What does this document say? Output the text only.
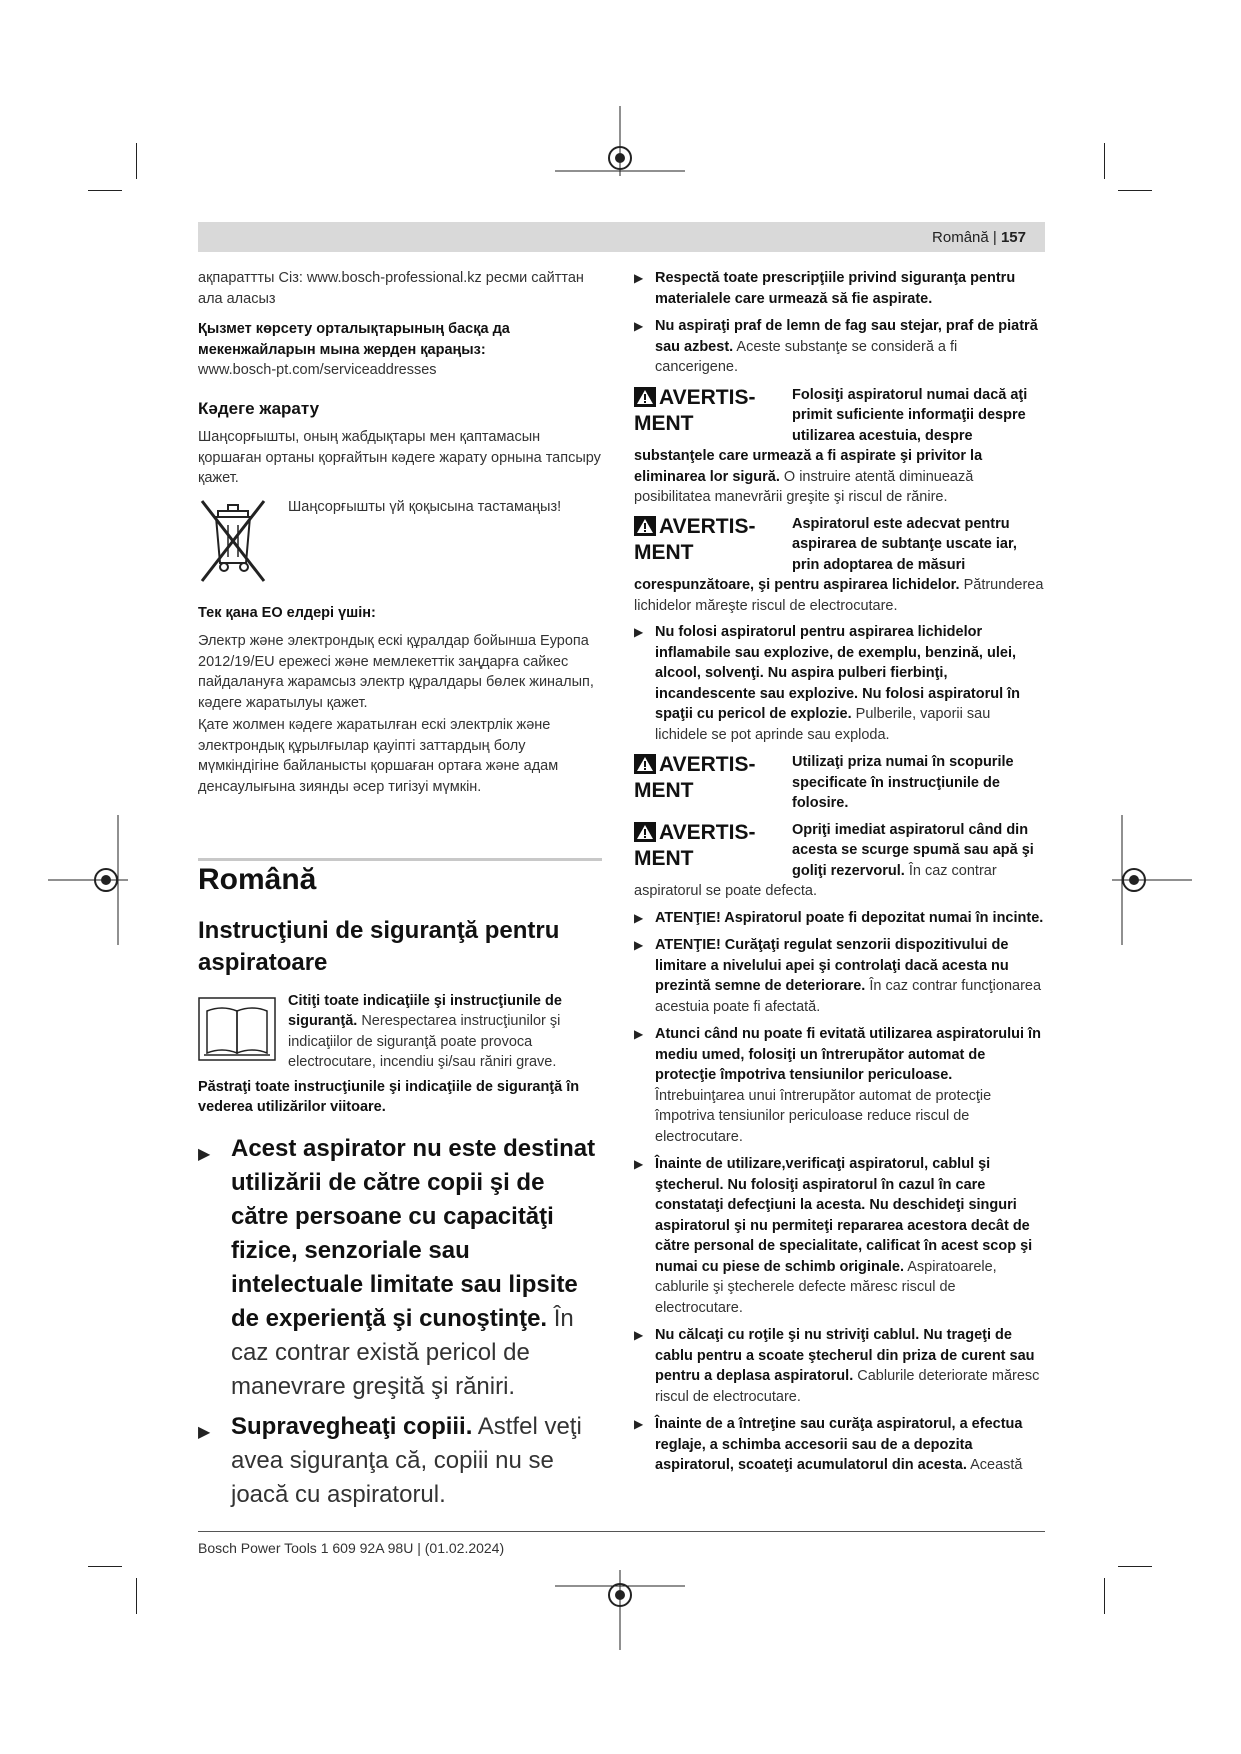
Română | 157

ақпараттты Сіз: www.bosch-professional.kz ресми сайттан ала аласыз

Қызмет көрсету орталықтарының басқа да мекенжайларын мына жерден қараңыз:

www.bosch-pt.com/serviceaddresses

Кәдеге жарату

Шаңсорғышты, оның жабдықтары мен қаптамасын қоршаған ортаны қорғайтын кәдеге жарату орнына тапсыру қажет.

Шаңсорғышты үй қоқысына тастамаңыз!

Тек қана ЕО елдері үшін:

Электр және электрондық ескі құралдар бойынша Еуропа 2012/19/EU ережесі және мемлекеттік заңдарға сайкес пайдалануға жарамсыз электр құралдары бөлек жиналып, кәдеге жаратылуы қажет.

Қате жолмен кәдеге жаратылған ескі электрлік және электрондық құрылғылар қауіпті заттардың болу мүмкіндігіне байланысты қоршаған ортаға және адам денсаулығына зиянды әсер тигізуі мүмкін.

Română
Instrucţiuni de siguranţă pentru aspiratoare
Citiţi toate indicaţiile şi instrucţiunile de siguranţă. Nerespectarea instrucţiunilor şi indicaţiilor de siguranţă poate provoca electrocutare, incendiu şi/sau răniri grave.

Păstraţi toate instrucţiunile şi indicaţiile de siguranţă în vederea utilizărilor viitoare.

▶ Acest aspirator nu este destinat utilizării de către copii şi de către persoane cu capacităţi fizice, senzoriale sau intelectuale limitate sau lipsite de experienţă şi cunoştinţe. În caz contrar există pericol de manevrare greşită şi răniri.
▶ Supravegheaţi copiii. Astfel veţi avea siguranţa că, copiii nu se joacă cu aspiratorul.
▶ Respectă toate prescripţiile privind siguranţa pentru materialele care urmează să fie aspirate.
▶ Nu aspiraţi praf de lemn de fag sau stejar, praf de piatră sau azbest. Aceste substanţe se consideră a fi cancerigene.
AVERTIS-MENT
Folosiţi aspiratorul numai dacă aţi primit suficiente informaţii despre utilizarea acestuia, despre substanţele care urmează a fi aspirate şi privitor la eliminarea lor sigură. O instruire atentă diminuează posibilitatea manevrării greşite şi riscul de rănire.
AVERTIS-MENT
Aspiratorul este adecvat pentru aspirarea de subtanţe uscate iar, prin adoptarea de măsuri corespunzătoare, şi pentru aspirarea lichidelor. Pătrunderea lichidelor măreşte riscul de electrocutare.
▶ Nu folosi aspiratorul pentru aspirarea lichidelor inflamabile sau explozive, de exemplu, benzină, ulei, alcool, solvenţi. Nu aspira pulberi fierbinţi, incandescente sau explozive. Nu folosi aspiratorul în spaţii cu pericol de explozie. Pulberile, vaporii sau lichidele se pot aprinde sau exploda.
AVERTIS-MENT
Utilizaţi priza numai în scopurile specificate în instrucţiunile de folosire.
AVERTIS-MENT
Opriţi imediat aspiratorul când din acesta se scurge spumă sau apă şi goliţi rezervorul. În caz contrar aspiratorul se poate defecta.
▶ ATENŢIE! Aspiratorul poate fi depozitat numai în incinte.
▶ ATENŢIE! Curăţaţi regulat senzorii dispozitivului de limitare a nivelului apei şi controlaţi dacă acesta nu prezintă semne de deteriorare. În caz contrar funcţionarea acestuia poate fi afectată.
▶ Atunci când nu poate fi evitată utilizarea aspiratorului în mediu umed, folosiţi un întrerupător automat de protecţie împotriva tensiunilor periculoase. Întrebuinţarea unui întrerupător automat de protecţie împotriva tensiunilor periculoase reduce riscul de electrocutare.
▶ Înainte de utilizare,verificaţi aspiratorul, cablul şi ştecherul. Nu folosiţi aspiratorul în cazul în care constataţi defecţiuni la acesta. Nu deschideţi singuri aspiratorul şi nu permiteţi repararea acestora decât de către personal de specialitate, calificat în acest scop şi numai cu piese de schimb originale. Aspiratoarele, cablurile şi ştecherele defecte măresc riscul de electrocutare.
▶ Nu călcaţi cu roţile şi nu striviţi cablul. Nu trageţi de cablu pentru a scoate ştecherul din priza de curent sau pentru a deplasa aspiratorul. Cablurile deteriorate măresc riscul de electrocutare.
▶ Înainte de a întreţine sau curăţa aspiratorul, a efectua reglaje, a schimba accesorii sau de a depozita aspiratorul, scoateţi acumulatorul din acesta. Această
Bosch Power Tools 1 609 92A 98U | (01.02.2024)
